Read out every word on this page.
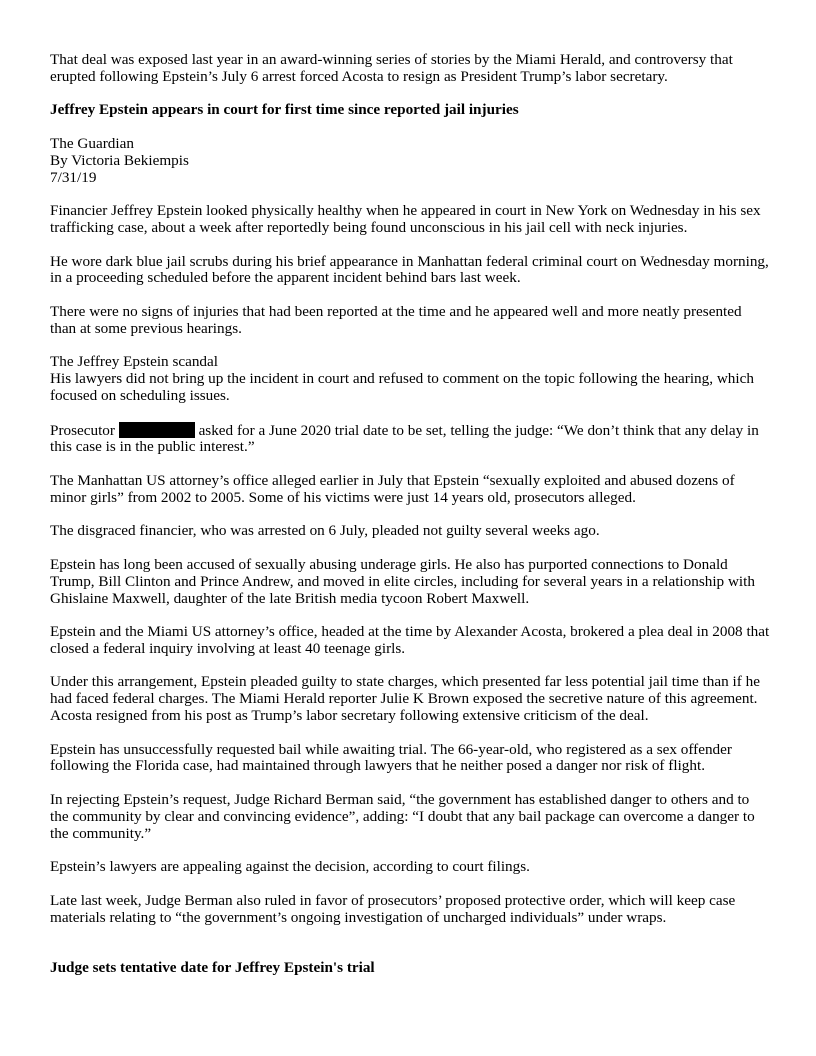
That deal was exposed last year in an award-winning series of stories by the Miami Herald, and controversy that erupted following Epstein’s July 6 arrest forced Acosta to resign as President Trump’s labor secretary.

Jeffrey Epstein appears in court for first time since reported jail injuries

The Guardian
By Victoria Bekiempis
7/31/19

Financier Jeffrey Epstein looked physically healthy when he appeared in court in New York on Wednesday in his sex trafficking case, about a week after reportedly being found unconscious in his jail cell with neck injuries.

He wore dark blue jail scrubs during his brief appearance in Manhattan federal criminal court on Wednesday morning, in a proceeding scheduled before the apparent incident behind bars last week.

There were no signs of injuries that had been reported at the time and he appeared well and more neatly presented than at some previous hearings.

The Jeffrey Epstein scandal
His lawyers did not bring up the incident in court and refused to comment on the topic following the hearing, which focused on scheduling issues.

Prosecutor	asked for a June 2020 trial date to be set, telling the judge: “We don’t think that any delay in this case is in the public interest.”

The Manhattan US attorney’s office alleged earlier in July that Epstein “sexually exploited and abused dozens of minor girls” from 2002 to 2005. Some of his victims were just 14 years old, prosecutors alleged.

The disgraced financier, who was arrested on 6 July, pleaded not guilty several weeks ago.

Epstein has long been accused of sexually abusing underage girls. He also has purported connections to Donald Trump, Bill Clinton and Prince Andrew, and moved in elite circles, including for several years in a relationship with Ghislaine Maxwell, daughter of the late British media tycoon Robert Maxwell.

Epstein and the Miami US attorney’s office, headed at the time by Alexander Acosta, brokered a plea deal in 2008 that closed a federal inquiry involving at least 40 teenage girls.

Under this arrangement, Epstein pleaded guilty to state charges, which presented far less potential jail time than if he had faced federal charges. The Miami Herald reporter Julie K Brown exposed the secretive nature of this agreement. Acosta resigned from his post as Trump’s labor secretary following extensive criticism of the deal.

Epstein has unsuccessfully requested bail while awaiting trial. The 66-year-old, who registered as a sex offender following the Florida case, had maintained through lawyers that he neither posed a danger nor risk of flight.

In rejecting Epstein’s request, Judge Richard Berman said, “the government has established danger to others and to the community by clear and convincing evidence”, adding: “I doubt that any bail package can overcome a danger to the community.”

Epstein’s lawyers are appealing against the decision, according to court filings.

Late last week, Judge Berman also ruled in favor of prosecutors’ proposed protective order, which will keep case materials relating to “the government’s ongoing investigation of uncharged individuals” under wraps.

Judge sets tentative date for Jeffrey Epstein's trial
